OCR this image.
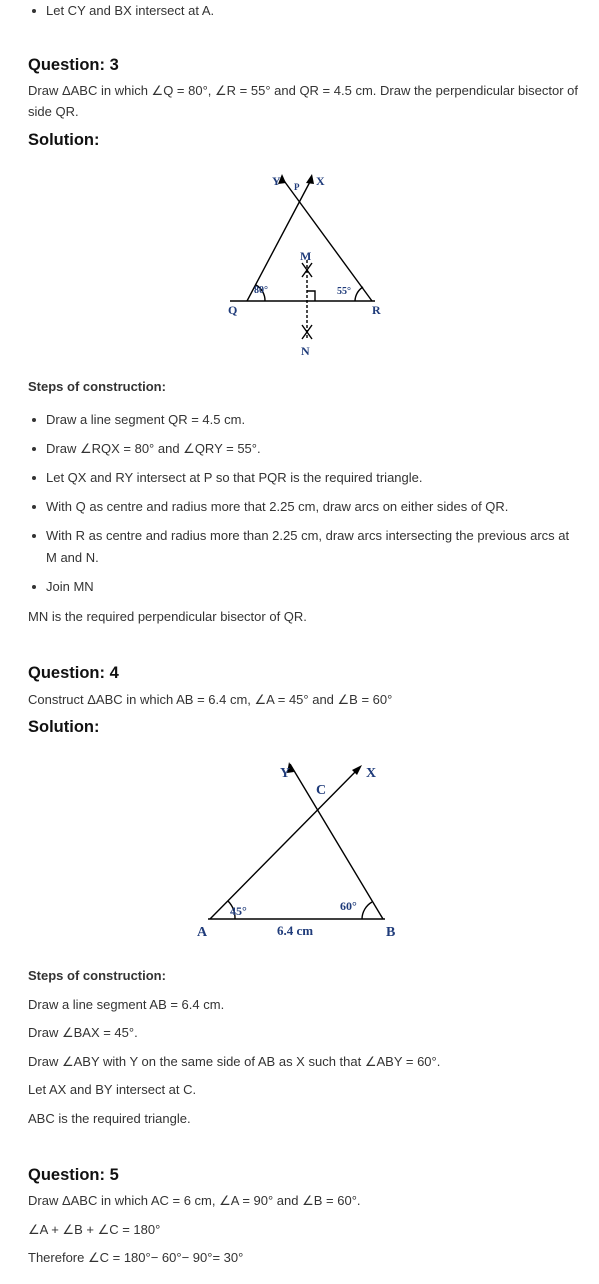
Let CY and BX intersect at A.
Question: 3

Draw ΔABC in which ∠Q = 80°, ∠R = 55° and QR = 4.5 cm. Draw the perpendicular bisector of

side QR.

Solution:
Y P X
M
Q	R
N
80°	55°

Steps of construction:

Draw a line segment QR = 4.5 cm.
Draw ∠RQX = 80° and ∠QRY = 55°.
Let QX and RY intersect at P so that PQR is the required triangle.
With Q as centre and radius more that 2.25 cm, draw arcs on either sides of QR.
With R as centre and radius more than 2.25 cm, draw arcs intersecting the previous arcs at
M and N.
Join MN

MN is the required perpendicular bisector of QR.

Question: 4

Construct ΔABC in which AB = 6.4 cm, ∠A = 45° and ∠B = 60°

Solution:
Y
C
X
A	B
45°	60°
6.4 cm

Steps of construction:

Draw a line segment AB = 6.4 cm.

Draw ∠BAX = 45°.

Draw ∠ABY with Y on the same side of AB as X such that ∠ABY = 60°.

Let AX and BY intersect at C.

ABC is the required triangle.

Question: 5

Draw ΔABC in which AC = 6 cm, ∠A = 90° and ∠B = 60°.

∠A + ∠B + ∠C = 180°

Therefore ∠C = 180°− 60°− 90°= 30°
